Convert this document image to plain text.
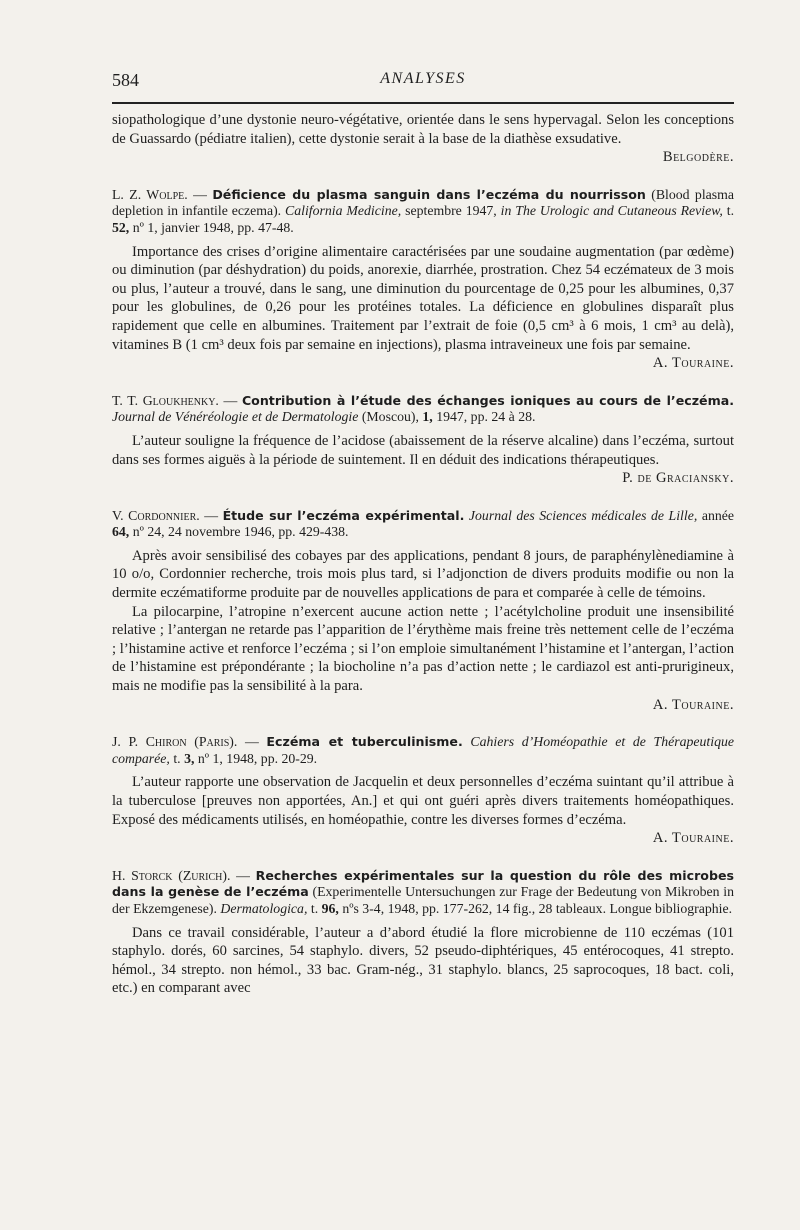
584	ANALYSES

siopathologique d’une dystonie neuro-végétative, orientée dans le sens hypervagal. Selon les conceptions de Guassardo (pédiatre italien), cette dystonie serait à la base de la diathèse exsudative.

Belgodère.

L. Z. Wolpe. — Déficience du plasma sanguin dans l’eczéma du nourrisson (Blood plasma depletion in infantile eczema). California Medicine, septembre 1947, in The Urologic and Cutaneous Review, t. 52, nº 1, janvier 1948, pp. 47-48.

Importance des crises d’origine alimentaire caractérisées par une soudaine augmentation (par œdème) ou diminution (par déshydration) du poids, anorexie, diarrhée, prostration. Chez 54 eczémateux de 3 mois ou plus, l’auteur a trouvé, dans le sang, une diminution du pourcentage de 0,25 pour les albumines, 0,37 pour les globulines, de 0,26 pour les protéines totales. La déficience en globulines disparaît plus rapidement que celle en albumines. Traitement par l’extrait de foie (0,5 cm³ à 6 mois, 1 cm³ au delà), vitamines B (1 cm³ deux fois par semaine en injections), plasma intraveineux une fois par semaine.

A. Touraine.

T. T. Gloukhenky. — Contribution à l’étude des échanges ioniques au cours de l’eczéma. Journal de Vénéréologie et de Dermatologie (Moscou), 1, 1947, pp. 24 à 28.

L’auteur souligne la fréquence de l’acidose (abaissement de la réserve alcaline) dans l’eczéma, surtout dans ses formes aiguës à la période de suintement. Il en déduit des indications thérapeutiques.

P. de Graciansky.

V. Cordonnier. — Étude sur l’eczéma expérimental. Journal des Sciences médicales de Lille, année 64, nº 24, 24 novembre 1946, pp. 429-438.

Après avoir sensibilisé des cobayes par des applications, pendant 8 jours, de paraphénylènediamine à 10 o/o, Cordonnier recherche, trois mois plus tard, si l’adjonction de divers produits modifie ou non la dermite eczématiforme produite par de nouvelles applications de para et comparée à celle de témoins.

La pilocarpine, l’atropine n’exercent aucune action nette ; l’acétylcholine produit une insensibilité relative ; l’antergan ne retarde pas l’apparition de l’érythème mais freine très nettement celle de l’eczéma ; l’histamine active et renforce l’eczéma ; si l’on emploie simultanément l’histamine et l’antergan, l’action de l’histamine est prépondérante ; la biocholine n’a pas d’action nette ; le cardiazol est anti-prurigineux, mais ne modifie pas la sensibilité à la para.

A. Touraine.

J. P. Chiron (Paris). — Eczéma et tuberculinisme. Cahiers d’Homéopathie et de Thérapeutique comparée, t. 3, nº 1, 1948, pp. 20-29.

L’auteur rapporte une observation de Jacquelin et deux personnelles d’eczéma suintant qu’il attribue à la tuberculose [preuves non apportées, An.] et qui ont guéri après divers traitements homéopathiques. Exposé des médicaments utilisés, en homéopathie, contre les diverses formes d’eczéma.

A. Touraine.

H. Storck (Zurich). — Recherches expérimentales sur la question du rôle des microbes dans la genèse de l’eczéma (Experimentelle Untersuchungen zur Frage der Bedeutung von Mikroben in der Ekzemgenese). Dermatologica, t. 96, nºs 3-4, 1948, pp. 177-262, 14 fig., 28 tableaux. Longue bibliographie.

Dans ce travail considérable, l’auteur a d’abord étudié la flore microbienne de 110 eczémas (101 staphylo. dorés, 60 sarcines, 54 staphylo. divers, 52 pseudo-diphtériques, 45 entérocoques, 41 strepto. hémol., 34 strepto. non hémol., 33 bac. Gram-nég., 31 staphylo. blancs, 25 saprocoques, 18 bact. coli, etc.) en comparant avec
